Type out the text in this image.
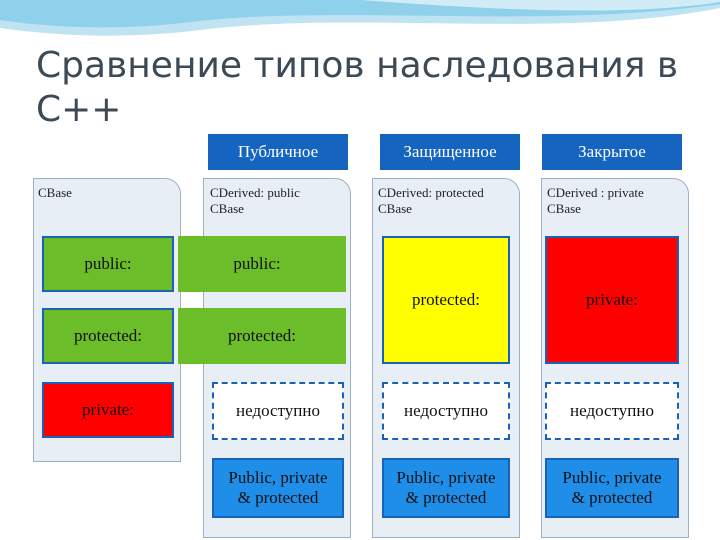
Сравнение типов наследования в C++
Публичное	Защищенное	Закрытое
CBase	CDerived: public
CBase
CDerived: protected
CBase
CDerived : private
CBase
public:
protected:
private:
public:
protected:
недоступно
Public, private
& protected
protected:
недоступно
Public, private
& protected
private:
недоступно
Public, private
& protected
